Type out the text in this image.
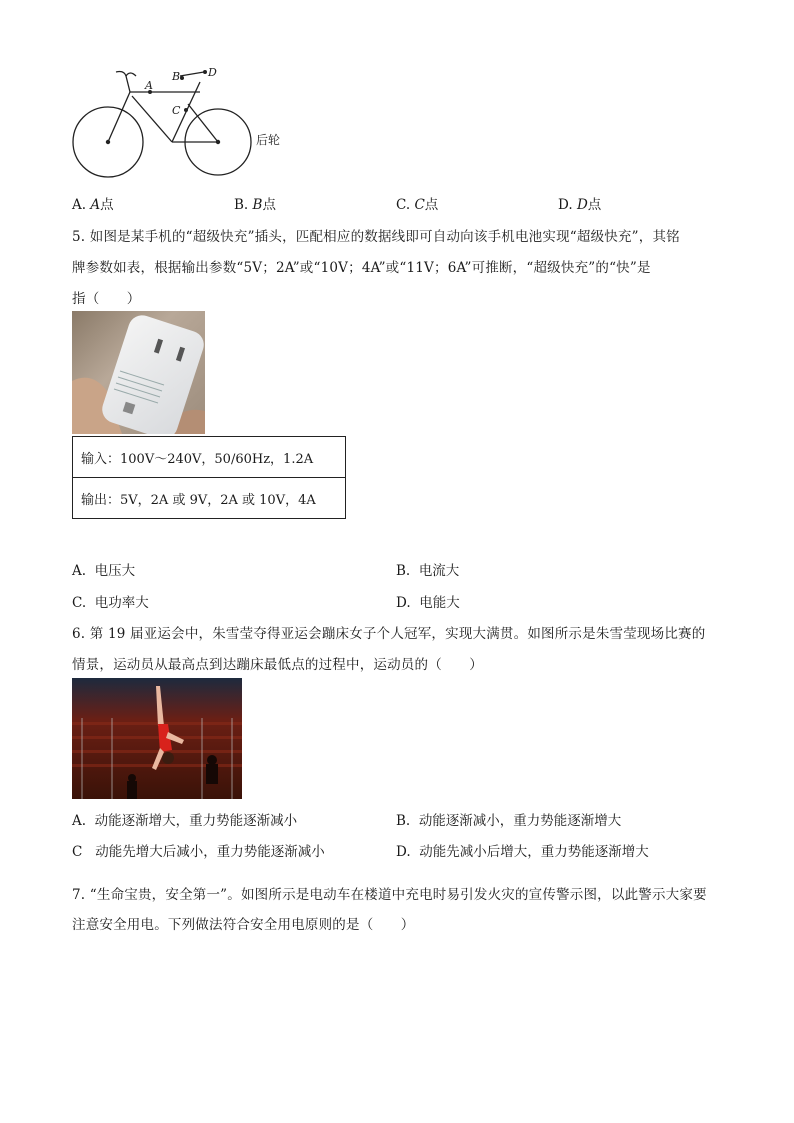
A
B	D
C
后轮
A. A点	B. B点	C. C点	D. D点
5. 如图是某手机的“超级快充”插头，匹配相应的数据线即可自动向该手机电池实现“超级快充”，其铭
牌参数如表，根据输出参数“5V；2A”或“10V；4A”或“11V；6A”可推断，“超级快充”的“快”是
指（　　）
输入：100V～240V，50/60Hz，1.2A
输出：5V，2A 或 9V，2A 或 10V，4A
A. 电压大	B. 电流大
C. 电功率大	D. 电能大
6. 第 19 届亚运会中，朱雪莹夺得亚运会蹦床女子个人冠军，实现大满贯。如图所示是朱雪莹现场比赛的
情景，运动员从最高点到达蹦床最低点的过程中，运动员的（　　）
A. 动能逐渐增大，重力势能逐渐减小	B. 动能逐渐减小，重力势能逐渐增大
C 动能先增大后减小，重力势能逐渐减小	D. 动能先减小后增大，重力势能逐渐增大
7. “生命宝贵，安全第一”。如图所示是电动车在楼道中充电时易引发火灾的宣传警示图，以此警示大家要
注意安全用电。下列做法符合安全用电原则的是（　　）
